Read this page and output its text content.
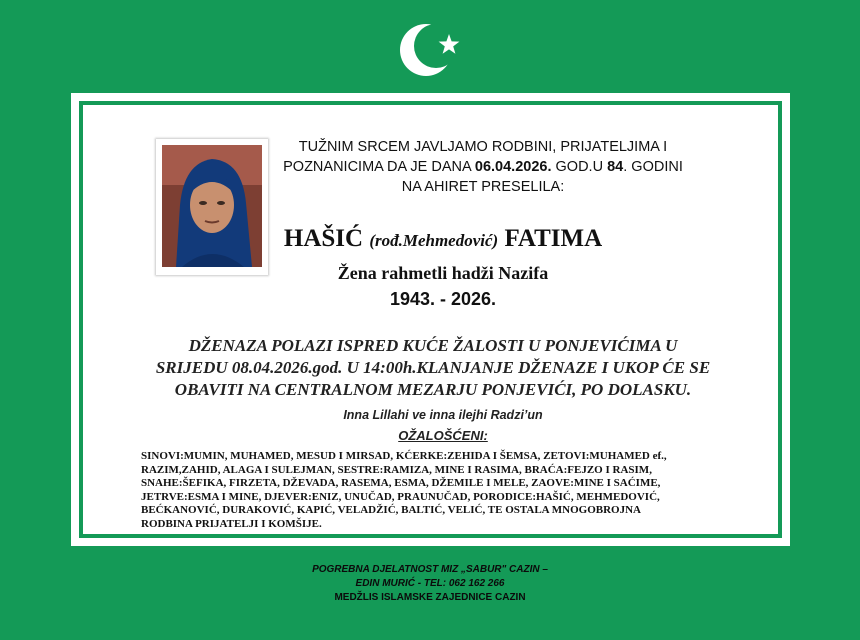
TUŽNIM SRCEM JAVLJAMO RODBINI, PRIJATELJIMA I
POZNANICIMA DA JE DANA 06.04.2026. GOD.U 84. GODINI
NA AHIRET PRESELILA:
HAŠIĆ (rođ.Mehmedović) FATIMA
Žena rahmetli hadži Nazifa
1943. - 2026.
DŽENAZA POLAZI ISPRED KUĆE ŽALOSTI U PONJEVIĆIMA U
SRIJEDU 08.04.2026.god. U 14:00h.KLANJANJE DŽENAZE I UKOP ĆE SE
OBAVITI NA CENTRALNOM MEZARJU PONJEVIĆI, PO DOLASKU.
Inna Lillahi ve inna ilejhi Radzi’un
OŽALOŠĆENI:
SINOVI:MUMIN, MUHAMED, MESUD I MIRSAD, KĆERKE:ZEHIDA I ŠEMSA, ZETOVI:MUHAMED ef.,
RAZIM,ZAHID, ALAGA I SULEJMAN, SESTRE:RAMIZA, MINE I RASIMA, BRAĆA:FEJZO I RASIM,
SNAHE:ŠEFIKA, FIRZETA, DŽEVADA, RASEMA, ESMA, DŽEMILE I MELE, ZAOVE:MINE I SAĆIME,
JETRVE:ESMA I MINE, DJEVER:ENIZ, UNUČAD, PRAUNUČAD, PORODICE:HAŠIĆ, MEHMEDOVIĆ,
BEĆKANOVIĆ, DURAKOVIĆ, KAPIĆ, VELADŽIĆ, BALTIĆ, VELIĆ, TE OSTALA MNOGOBROJNA
RODBINA PRIJATELJI I KOMŠIJE.
POGREBNA DJELATNOST MIZ „SABUR" CAZIN –
EDIN MURIĆ - TEL: 062 162 266
MEDŽLIS ISLAMSKE ZAJEDNICE CAZIN
